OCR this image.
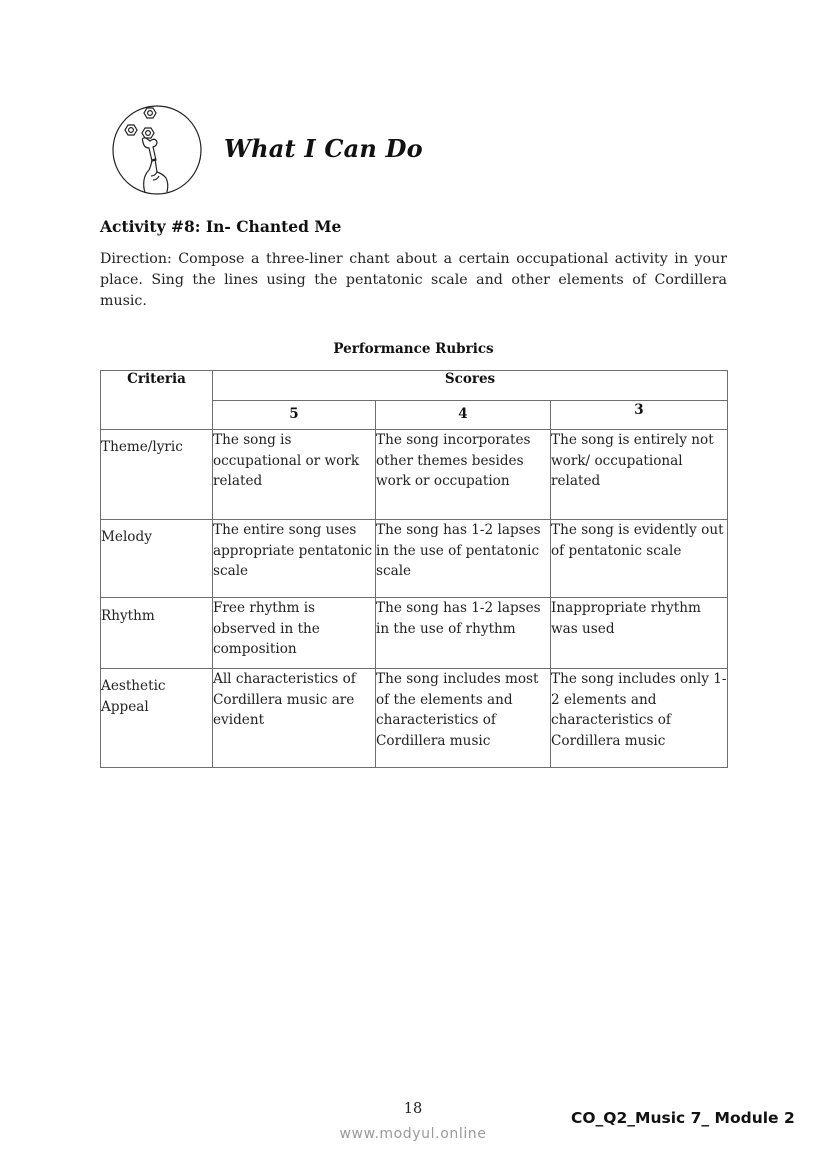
What I Can Do
Activity #8: In- Chanted Me
Direction: Compose a three-liner chant about a certain occupational activity in your place. Sing the lines using the pentatonic scale and other elements of Cordillera music.
Performance Rubrics
Criteria	Scores		

	5	4	3

Theme/lyric	The song is occupational or work related	The song incorporates other themes besides work or occupation	The song is entirely not work/ occupational related
Melody	The entire song uses appropriate pentatonic scale	The song has 1-2 lapses in the use of pentatonic scale	The song is evidently out of pentatonic scale
Rhythm	Free rhythm is observed in the composition	The song has 1-2 lapses in the use of rhythm	Inappropriate rhythm was used
Aesthetic Appeal	All characteristics of Cordillera music are evident	The song includes most of the elements and characteristics of Cordillera music	The song includes only 1-2 elements and characteristics of Cordillera music
18	CO_Q2_Music 7_ Module 2
www.modyul.online
